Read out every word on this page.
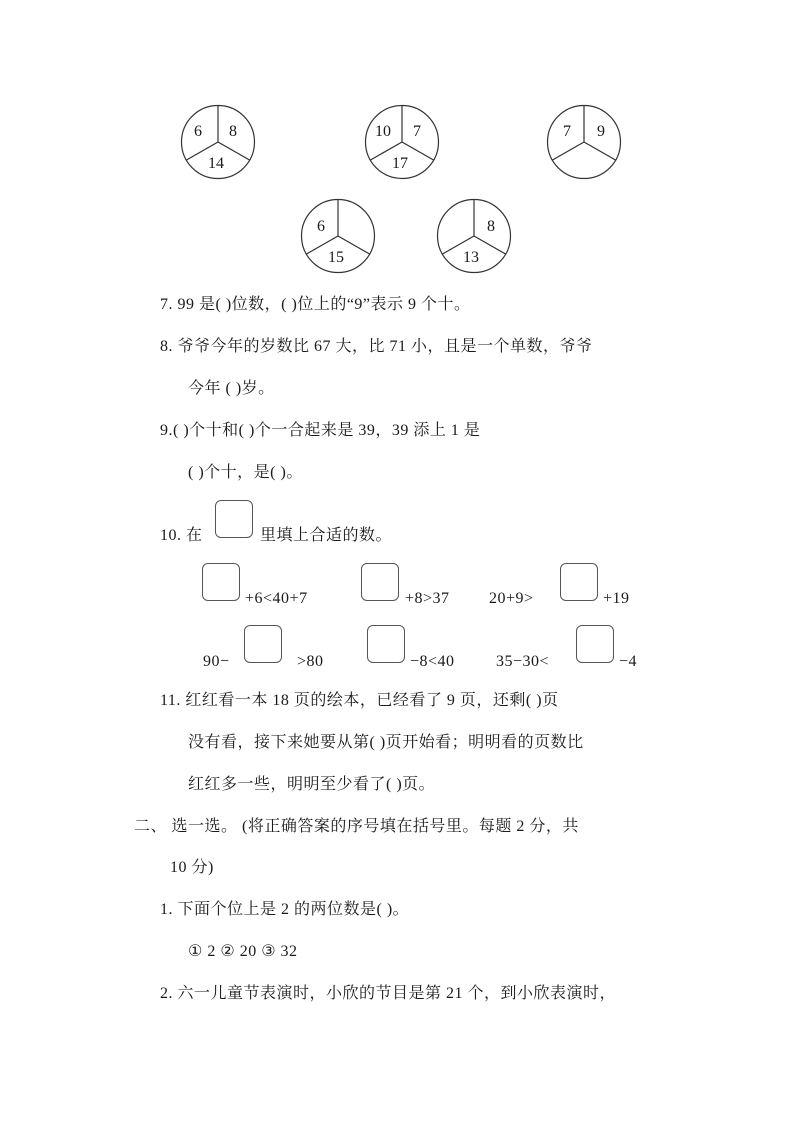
6 8
14
10 7
17
7 9
6
15
8
13
7. 99 是( )位数，( )位上的“9”表示 9 个十。
8. 爷爷今年的岁数比 67 大，比 71 小，且是一个单数，爷爷
今年 ( )岁。
9.( )个十和( )个一合起来是 39，39 添上 1 是
( )个十，是( )。
10. 在	里填上合适的数。
+6<40+7	+8>37 20+9>	+19
90−	>80	−8<40	35−30<	−4
11. 红红看一本 18 页的绘本，已经看了 9 页，还剩( )页
没有看，接下来她要从第( )页开始看；明明看的页数比
红红多一些，明明至少看了( )页。
二、 选一选。 (将正确答案的序号填在括号里。每题 2 分，共
10 分)
1. 下面个位上是 2 的两位数是( )。
① 2 ② 20 ③ 32
2. 六一儿童节表演时，小欣的节目是第 21 个，到小欣表演时，
